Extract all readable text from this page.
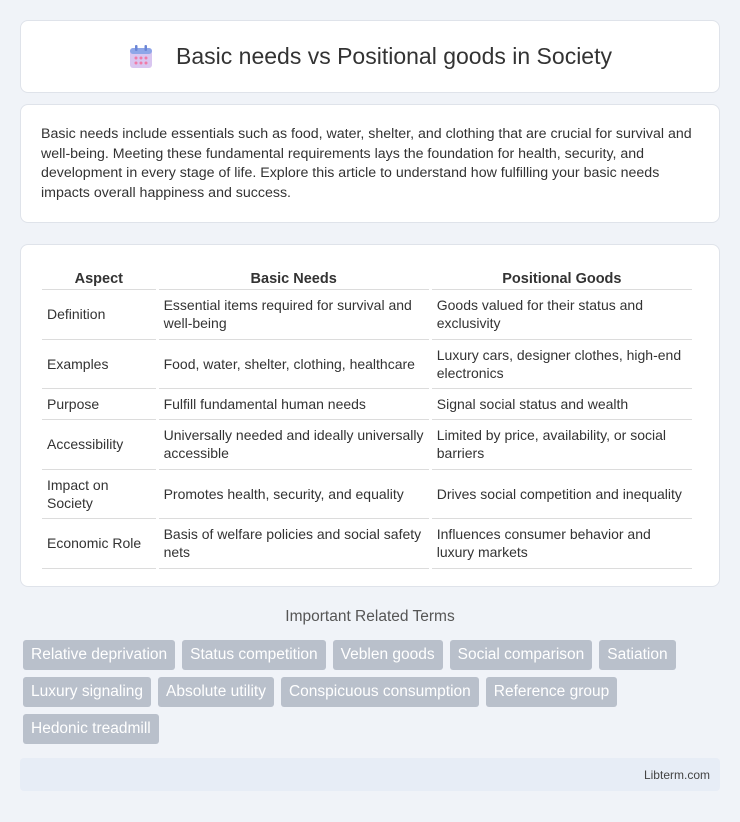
Basic needs vs Positional goods in Society

Basic needs include essentials such as food, water, shelter, and clothing that are crucial for survival and well-being. Meeting these fundamental requirements lays the foundation for health, security, and development in every stage of life. Explore this article to understand how fulfilling your basic needs impacts overall happiness and success.

Aspect	Basic Needs	Positional Goods
Definition	Essential items required for survival and well-being	Goods valued for their status and exclusivity
Examples	Food, water, shelter, clothing, healthcare	Luxury cars, designer clothes, high-end electronics
Purpose	Fulfill fundamental human needs	Signal social status and wealth
Accessibility	Universally needed and ideally universally accessible	Limited by price, availability, or social barriers
Impact on Society	Promotes health, security, and equality	Drives social competition and inequality
Economic Role	Basis of welfare policies and social safety nets	Influences consumer behavior and luxury markets
Important Related Terms
Relative deprivation	Status competition	Veblen goods	Social comparison	Satiation
Luxury signaling	Absolute utility	Conspicuous consumption	Reference group
Hedonic treadmill
Libterm.com
